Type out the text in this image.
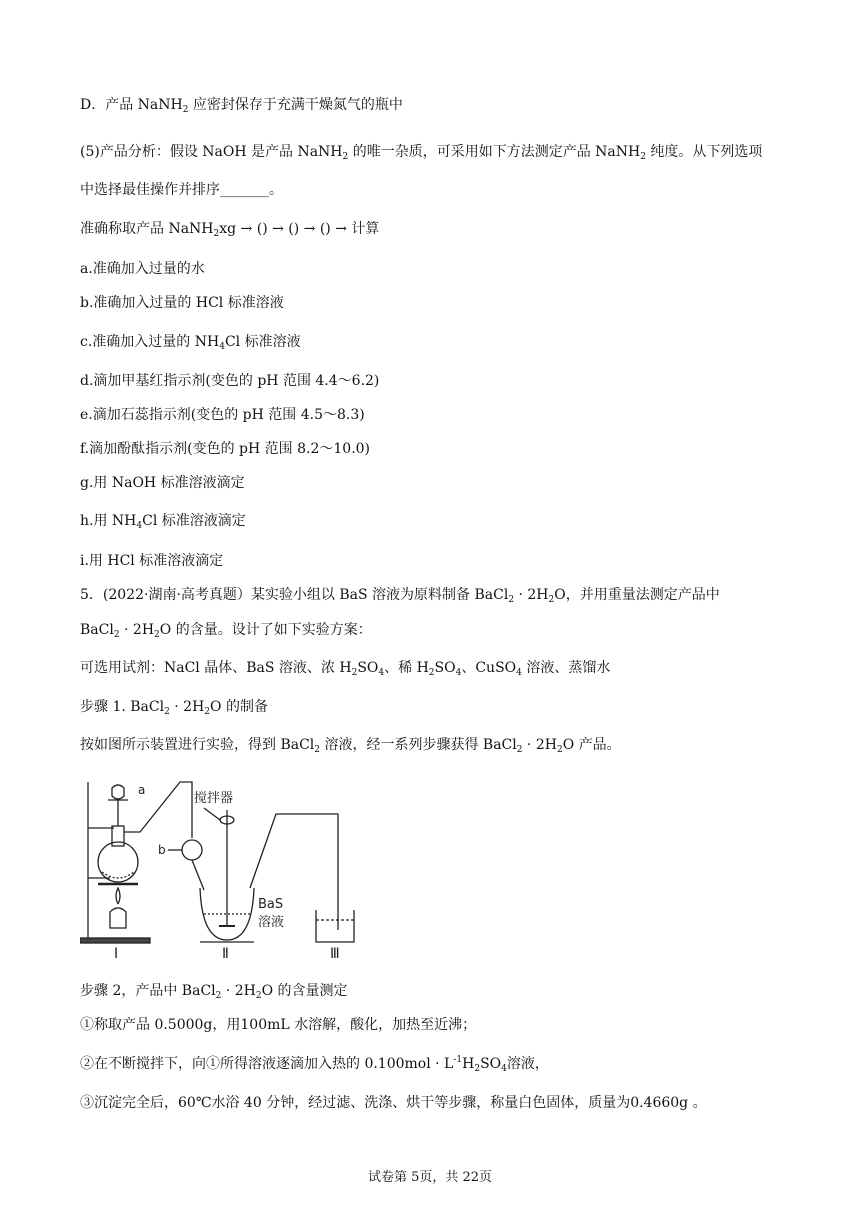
D．产品 NaNH$_2$ 应密封保存于充满干燥氮气的瓶中
(5)产品分析：假设 NaOH 是产品 NaNH$_2$ 的唯一杂质，可采用如下方法测定产品 NaNH$_2$ 纯度。从下列选项
中选择最佳操作并排序_______。
准确称取产品 NaNH$_2$xg → () → () → () → 计算
a.准确加入过量的水
b.准确加入过量的 HCl 标准溶液
c.准确加入过量的 $NH_4Cl$ 标准溶液
d.滴加甲基红指示剂(变色的 pH 范围 4.4～6.2)
e.滴加石蕊指示剂(变色的 pH 范围 4.5～8.3)
f.滴加酚酞指示剂(变色的 pH 范围 8.2～10.0)
g.用 NaOH 标准溶液滴定
h.用 $NH_4Cl$ 标准溶液滴定
i.用 HCl 标准溶液滴定
5．(2022·湖南·高考真题）某实验小组以 BaS 溶液为原料制备 BaCl$_2$ · $2H_2O$，并用重量法测定产品中
BaCl$_2$ · $2H_2O$ 的含量。设计了如下实验方案：
可选用试剂：NaCl 晶体、BaS 溶液、浓 $H_2SO_4$、稀 $H_2SO_4$、CuSO$_4$ 溶液、蒸馏水
步骤 1. BaCl$_2$ · $2H_2O$ 的制备
按如图所示装置进行实验，得到 BaCl$_2$ 溶液，经一系列步骤获得 BaCl$_2$ · $2H_2O$ 产品。
a
b
搅拌器
BaS
溶液
Ⅰ	Ⅱ	Ⅲ
步骤 2，产品中 BaCl$_2$ · $2H_2O$ 的含量测定
①称取产品 0.5000g，用100mL 水溶解，酸化，加热至近沸；
②在不断搅拌下，向①所得溶液逐滴加入热的 $0.100mol \cdot L^{-1}H_2SO_4$溶液，
③沉淀完全后，60℃水浴 40 分钟，经过滤、洗涤、烘干等步骤，称量白色固体，质量为0.4660g 。
试卷第 5页，共 22页
